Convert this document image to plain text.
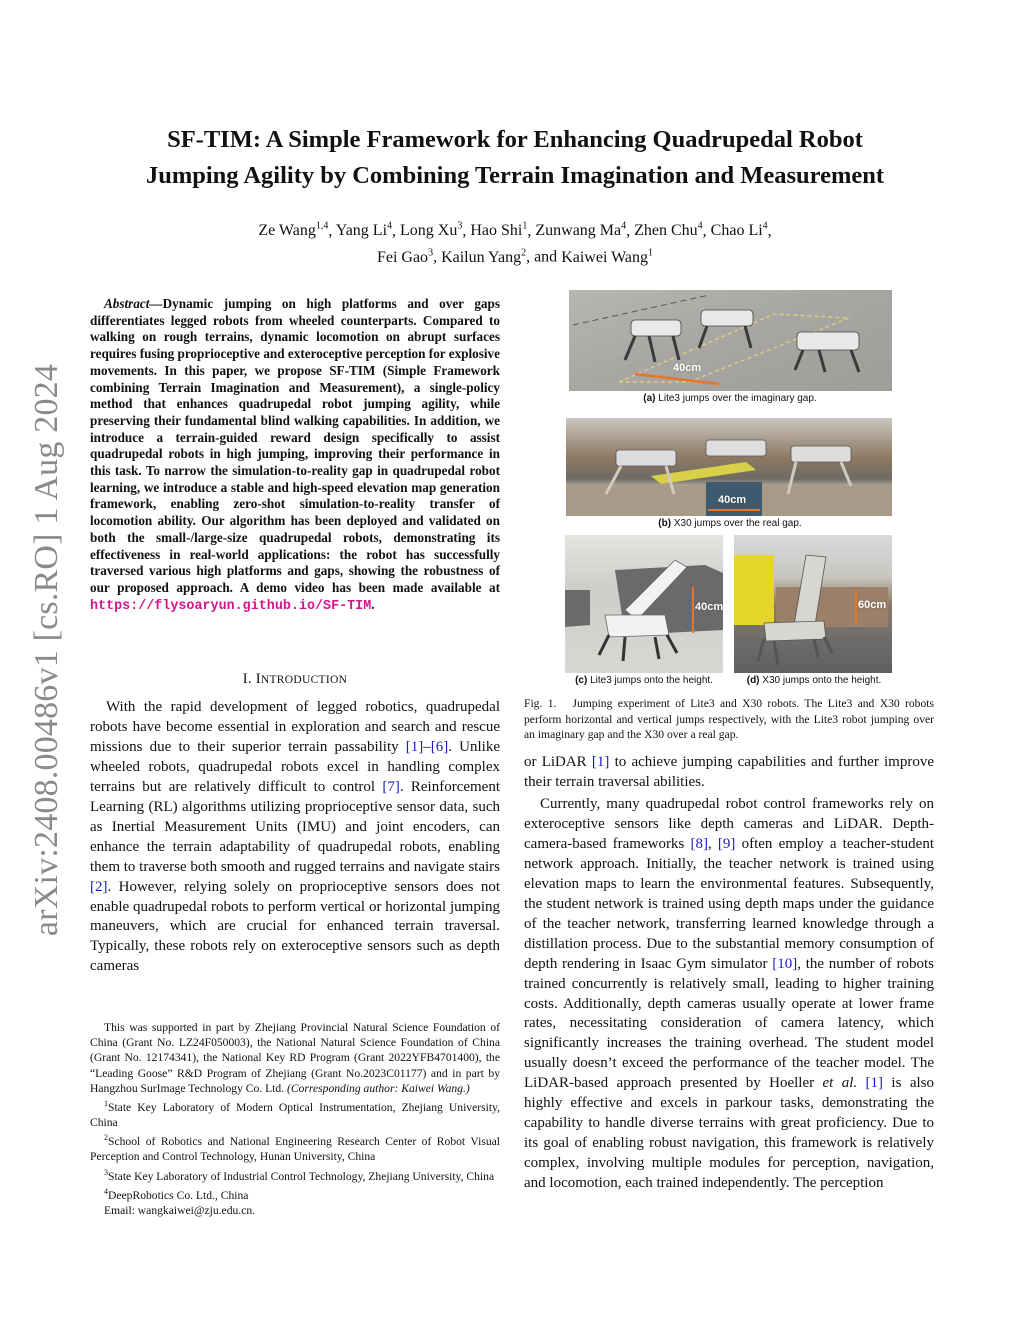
arXiv:2408.00486v1 [cs.RO] 1 Aug 2024
SF-TIM: A Simple Framework for Enhancing Quadrupedal Robot
Jumping Agility by Combining Terrain Imagination and Measurement
Ze Wang$^{1,4}$, Yang Li$^4$, Long Xu$^3$, Hao Shi$^1$, Zunwang Ma$^4$, Zhen Chu$^4$, Chao Li$^4$,
Fei Gao$^3$, Kailun Yang$^2$, and Kaiwei Wang$^1$
Abstract—Dynamic jumping on high platforms and over gaps differentiates legged robots from wheeled counterparts. Compared to walking on rough terrains, dynamic locomotion on abrupt surfaces requires fusing proprioceptive and exteroceptive perception for explosive movements. In this paper, we propose SF-TIM (Simple Framework combining Terrain Imagination and Measurement), a single-policy method that enhances quadrupedal robot jumping agility, while preserving their fundamental blind walking capabilities. In addition, we introduce a terrain-guided reward design specifically to assist quadrupedal robots in high jumping, improving their performance in this task. To narrow the simulation-to-reality gap in quadrupedal robot learning, we introduce a stable and high-speed elevation map generation framework, enabling zero-shot simulation-to-reality transfer of locomotion ability. Our algorithm has been deployed and validated on both the small-/large-size quadrupedal robots, demonstrating its effectiveness in real-world applications: the robot has successfully traversed various high platforms and gaps, showing the robustness of our proposed approach. A demo video has been made available at https://flysoaryun.github.io/SF-TIM.
I. INTRODUCTION
With the rapid development of legged robotics, quadrupedal robots have become essential in exploration and search and rescue missions due to their superior terrain passability [1]–[6]. Unlike wheeled robots, quadrupedal robots excel in handling complex terrains but are relatively difficult to control [7]. Reinforcement Learning (RL) algorithms utilizing proprioceptive sensor data, such as Inertial Measurement Units (IMU) and joint encoders, can enhance the terrain adaptability of quadrupedal robots, enabling them to traverse both smooth and rugged terrains and navigate stairs [2]. However, relying solely on proprioceptive sensors does not enable quadrupedal robots to perform vertical or horizontal jumping maneuvers, which are crucial for enhanced terrain traversal. Typically, these robots rely on exteroceptive sensors such as depth cameras

This was supported in part by Zhejiang Provincial Natural Science Foundation of China (Grant No. LZ24F050003), the National Natural Science Foundation of China (Grant No. 12174341), the National Key RD Program (Grant 2022YFB4701400), the “Leading Goose” R&D Program of Zhejiang (Grant No.2023C01177) and in part by Hangzhou SurImage Technology Co. Ltd. (Corresponding author: Kaiwei Wang.)

$^1$State Key Laboratory of Modern Optical Instrumentation, Zhejiang University, China

$^2$School of Robotics and National Engineering Research Center of Robot Visual Perception and Control Technology, Hunan University, China

$^3$State Key Laboratory of Industrial Control Technology, Zhejiang University, China

$^4$DeepRobotics Co. Ltd., China

Email: wangkaiwei@zju.edu.cn.

40cm
(a) Lite3 jumps over the imaginary gap.
40cm
(b) X30 jumps over the real gap.
40cm
(c) Lite3 jumps onto the height.
60cm
(d) X30 jumps onto the height.
Fig. 1. Jumping experiment of Lite3 and X30 robots. The Lite3 and X30 robots perform horizontal and vertical jumps respectively, with the Lite3 robot jumping over an imaginary gap and the X30 over a real gap.
or LiDAR [1] to achieve jumping capabilities and further improve their terrain traversal abilities.
Currently, many quadrupedal robot control frameworks rely on exteroceptive sensors like depth cameras and LiDAR. Depth-camera-based frameworks [8], [9] often employ a teacher-student network approach. Initially, the teacher network is trained using elevation maps to learn the environmental features. Subsequently, the student network is trained using depth maps under the guidance of the teacher network, transferring learned knowledge through a distillation process. Due to the substantial memory consumption of depth rendering in Isaac Gym simulator [10], the number of robots trained concurrently is relatively small, leading to higher training costs. Additionally, depth cameras usually operate at lower frame rates, necessitating consideration of camera latency, which significantly increases the training overhead. The student model usually doesn’t exceed the performance of the teacher model. The LiDAR-based approach presented by Hoeller et al. [1] is also highly effective and excels in parkour tasks, demonstrating the capability to handle diverse terrains with great proficiency. Due to its goal of enabling robust navigation, this framework is relatively complex, involving multiple modules for perception, navigation, and locomotion, each trained independently. The perception
